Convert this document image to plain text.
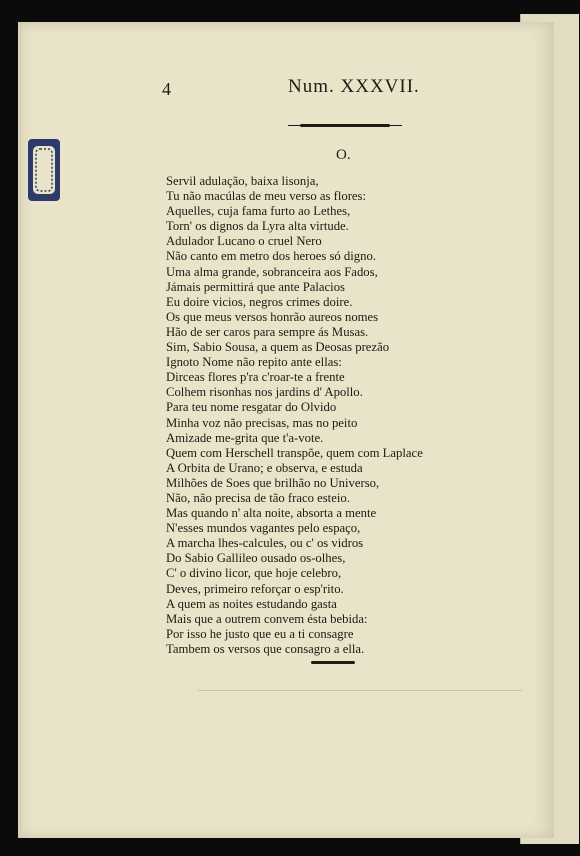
4	Num. XXXVII.
O.
Servil adulação, baixa lisonja,
Tu não macúlas de meu verso as flores:
Aquelles, cuja fama furto ao Lethes,
Torn' os dignos da Lyra alta virtude.
Adulador Lucano o cruel Nero
Não canto em metro dos heroes só digno.
Uma alma grande, sobranceira aos Fados,
Jámais permittirá que ante Palacios
Eu doire vicios, negros crimes doire.
Os que meus versos honrão aureos nomes
Hão de ser caros para sempre ás Musas.
Sim, Sabio Sousa, a quem as Deosas prezão
Ignoto Nome não repito ante ellas:
Dirceas flores p'ra c'roar-te a frente
Colhem risonhas nos jardins d' Apollo.
Para teu nome resgatar do Olvido
Minha voz não precisas, mas no peito
Amizade me-grita que t'a-vote.
Quem com Herschell transpõe, quem com Laplace
A Orbita de Urano; e observa, e estuda
Milhões de Soes que brilhão no Universo,
Não, não precisa de tão fraco esteio.
Mas quando n' alta noite, absorta a mente
N'esses mundos vagantes pelo espaço,
A marcha lhes-calcules, ou c' os vidros
Do Sabio Gallileo ousado os-olhes,
C' o divino licor, que hoje celebro,
Deves, primeiro reforçar o esp'rito.
A quem as noites estudando gasta
Mais que a outrem convem ésta bebida:
Por isso he justo que eu a ti consagre
Tambem os versos que consagro a ella.
